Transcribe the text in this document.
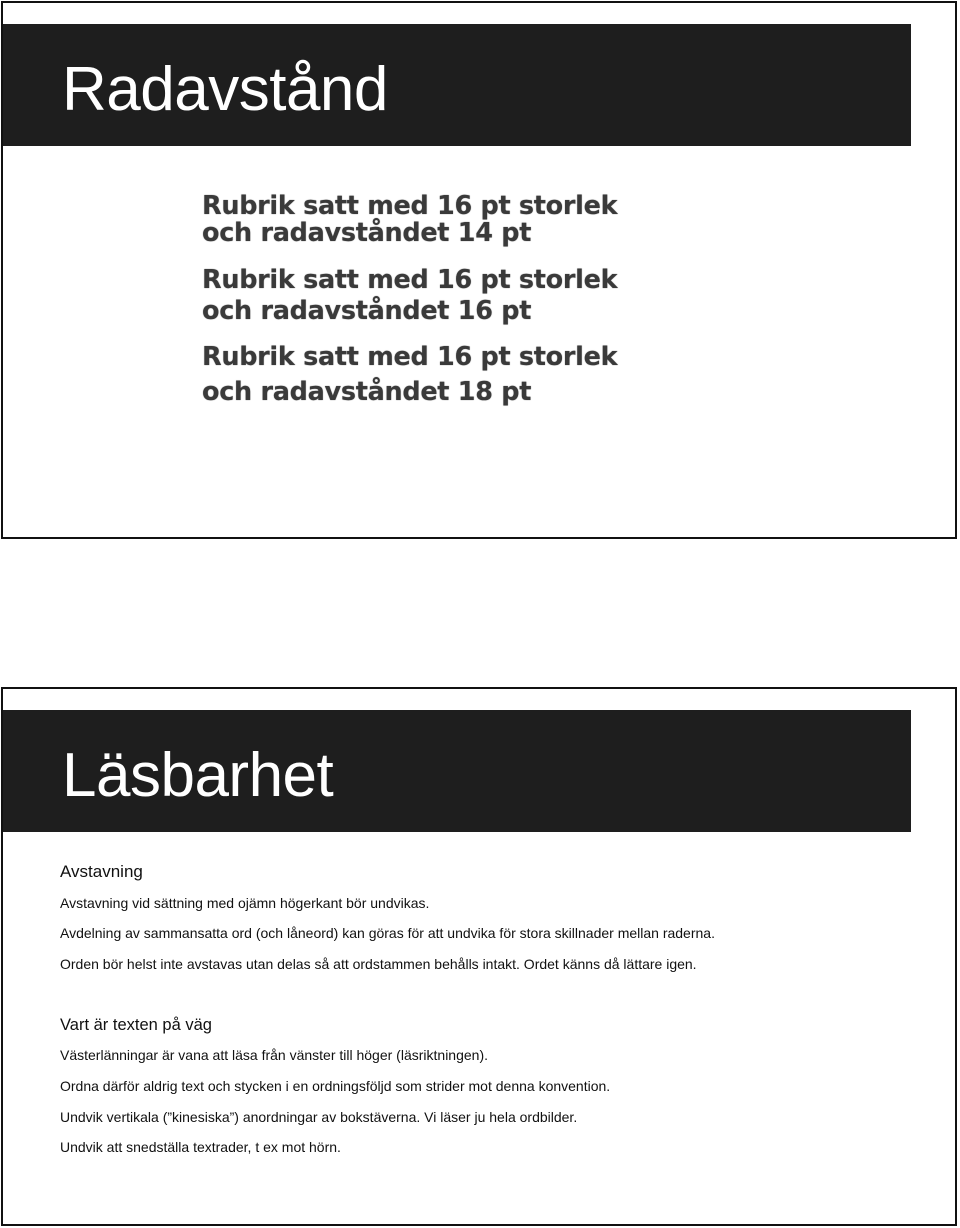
Radavstånd
Rubrik satt med 16 pt storlek
och radavståndet 14 pt
Rubrik satt med 16 pt storlek
och radavståndet 16 pt
Rubrik satt med 16 pt storlek
och radavståndet 18 pt
Läsbarhet
Avstavning

Avstavning vid sättning med ojämn högerkant bör undvikas.

Avdelning av sammansatta ord (och låneord) kan göras för att undvika för stora skillnader mellan raderna.

Orden bör helst inte avstavas utan delas så att ordstammen behålls intakt. Ordet känns då lättare igen.

Vart är texten på väg

Västerlänningar är vana att läsa från vänster till höger (läsriktningen).

Ordna därför aldrig text och stycken i en ordningsföljd som strider mot denna konvention.

Undvik vertikala (”kinesiska”) anordningar av bokstäverna. Vi läser ju hela ordbilder.

Undvik att snedställa textrader, t ex mot hörn.
